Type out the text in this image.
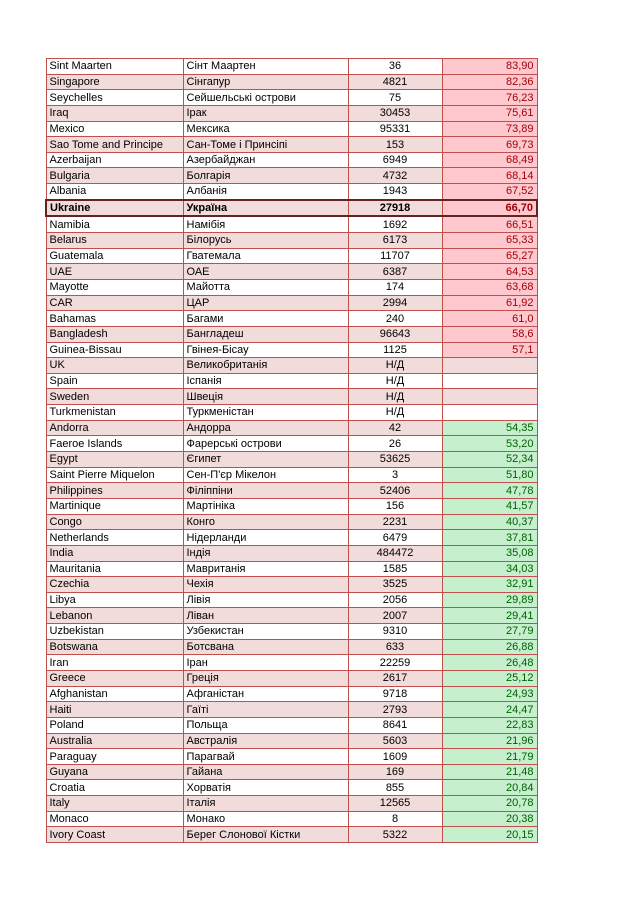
Sint Maarten	Сінт Маартен	36	83,90
Singapore	Сінгапур	4821	82,36
Seychelles	Сейшельські острови	75	76,23
Iraq	Ірак	30453	75,61
Mexico	Мексика	95331	73,89
Sao Tome and Principe	Сан-Томе і Принсіпі	153	69,73
Azerbaijan	Азербайджан	6949	68,49
Bulgaria	Болгарія	4732	68,14
Albania	Албанія	1943	67,52
Ukraine	Україна	27918	66,70
Namibia	Намібія	1692	66,51
Belarus	Білорусь	6173	65,33
Guatemala	Гватемала	11707	65,27
UAE	ОАЕ	6387	64,53
Mayotte	Майотта	174	63,68
CAR	ЦАР	2994	61,92
Bahamas	Багами	240	61,0
Bangladesh	Бангладеш	96643	58,6
Guinea-Bissau	Гвінея-Бісау	1125	57,1
UK	Великобританія	Н/Д	
Spain	Іспанія	Н/Д	
Sweden	Швеція	Н/Д	
Turkmenistan	Туркменістан	Н/Д	
Andorra	Андорра	42	54,35
Faeroe Islands	Фарерські острови	26	53,20
Egypt	Єгипет	53625	52,34
Saint Pierre Miquelon	Сен-П'єр Мікелон	3	51,80
Philippines	Філіппіни	52406	47,78
Martinique	Мартініка	156	41,57
Congo	Конго	2231	40,37
Netherlands	Нідерланди	6479	37,81
India	Індія	484472	35,08
Mauritania	Мавританія	1585	34,03
Czechia	Чехія	3525	32,91
Libya	Лівія	2056	29,89
Lebanon	Ліван	2007	29,41
Uzbekistan	Узбекистан	9310	27,79
Botswana	Ботсвана	633	26,88
Iran	Іран	22259	26,48
Greece	Греція	2617	25,12
Afghanistan	Афганістан	9718	24,93
Haiti	Гаїті	2793	24,47
Poland	Польща	8641	22,83
Australia	Австралія	5603	21,96
Paraguay	Парагвай	1609	21,79
Guyana	Гайана	169	21,48
Croatia	Хорватія	855	20,84
Italy	Італія	12565	20,78
Monaco	Монако	8	20,38
Ivory Coast	Берег Слонової Кістки	5322	20,15
